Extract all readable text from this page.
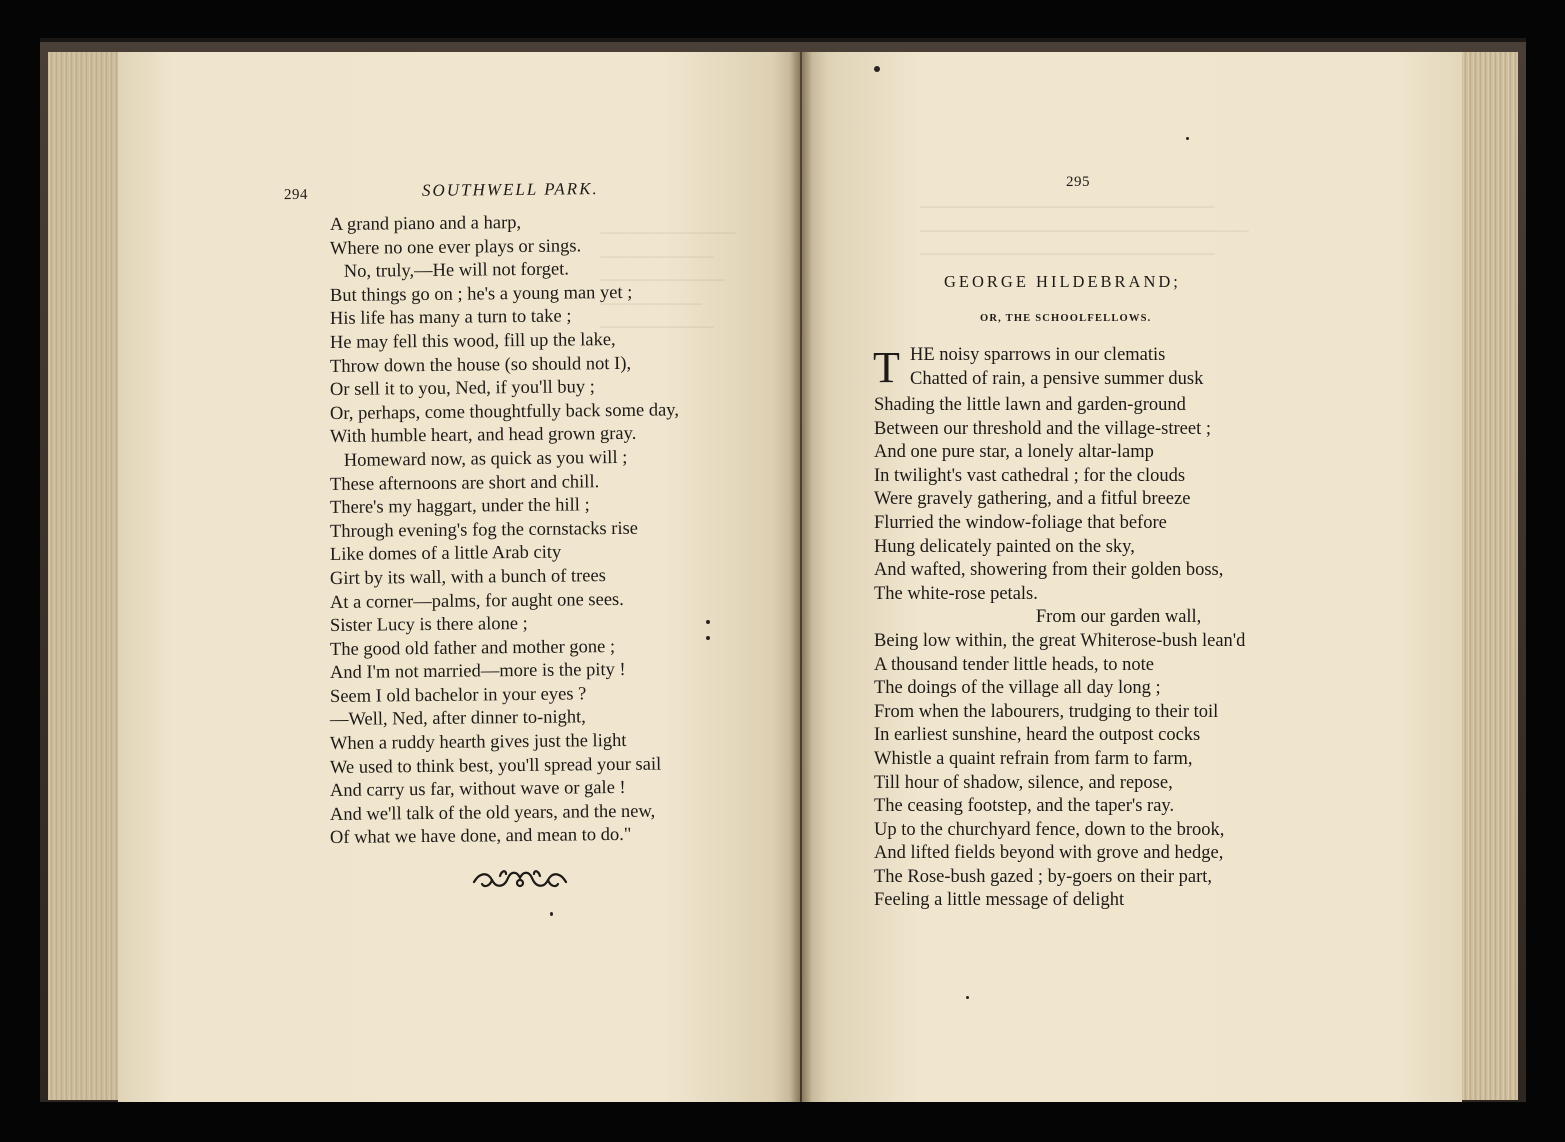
────────────
──────────
───────────
─────────
──────────
──────────────────────────
─────────────────────────────
──────────────────────────
294	SOUTHWELL PARK.
A grand piano and a harp,
Where no one ever plays or sings.
No, truly,—He will not forget.
But things go on ; he's a young man yet ;
His life has many a turn to take ;
He may fell this wood, fill up the lake,
Throw down the house (so should not I),
Or sell it to you, Ned, if you'll buy ;
Or, perhaps, come thoughtfully back some day,
With humble heart, and head grown gray.
Homeward now, as quick as you will ;
These afternoons are short and chill.
There's my haggart, under the hill ;
Through evening's fog the cornstacks rise
Like domes of a little Arab city
Girt by its wall, with a bunch of trees
At a corner—palms, for aught one sees.
Sister Lucy is there alone ;
The good old father and mother gone ;
And I'm not married—more is the pity !
Seem I old bachelor in your eyes ?
—Well, Ned, after dinner to-night,
When a ruddy hearth gives just the light
We used to think best, you'll spread your sail
And carry us far, without wave or gale !
And we'll talk of the old years, and the new,
Of what we have done, and mean to do."
295
GEORGE HILDEBRAND;
OR, THE SCHOOLFELLOWS.
T HE noisy sparrows in our clematis
Chatted of rain, a pensive summer dusk
Shading the little lawn and garden-ground
Between our threshold and the village-street ;
And one pure star, a lonely altar-lamp
In twilight's vast cathedral ; for the clouds
Were gravely gathering, and a fitful breeze
Flurried the window-foliage that before
Hung delicately painted on the sky,
And wafted, showering from their golden boss,
The white-rose petals.
From our garden wall,
Being low within, the great Whiterose-bush lean'd
A thousand tender little heads, to note
The doings of the village all day long ;
From when the labourers, trudging to their toil
In earliest sunshine, heard the outpost cocks
Whistle a quaint refrain from farm to farm,
Till hour of shadow, silence, and repose,
The ceasing footstep, and the taper's ray.
Up to the churchyard fence, down to the brook,
And lifted fields beyond with grove and hedge,
The Rose-bush gazed ; by-goers on their part,
Feeling a little message of delight
